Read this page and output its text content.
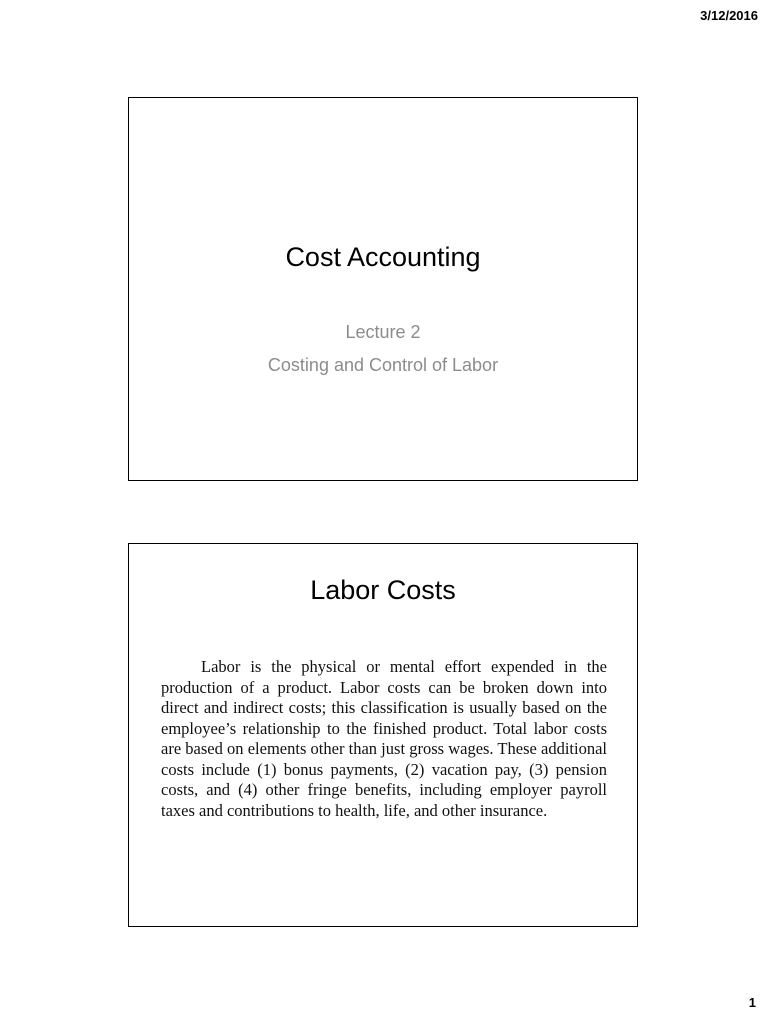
3/12/2016
Cost Accounting
Lecture 2
Costing and Control of Labor
Labor Costs

Labor is the physical or mental effort expended in the production of a product. Labor costs can be broken down into direct and indirect costs; this classification is usually based on the employee’s relationship to the finished product. Total labor costs are based on elements other than just gross wages. These additional costs include (1) bonus payments, (2) vacation pay, (3) pension costs, and (4) other fringe benefits, including employer payroll taxes and contributions to health, life, and other insurance.

1
